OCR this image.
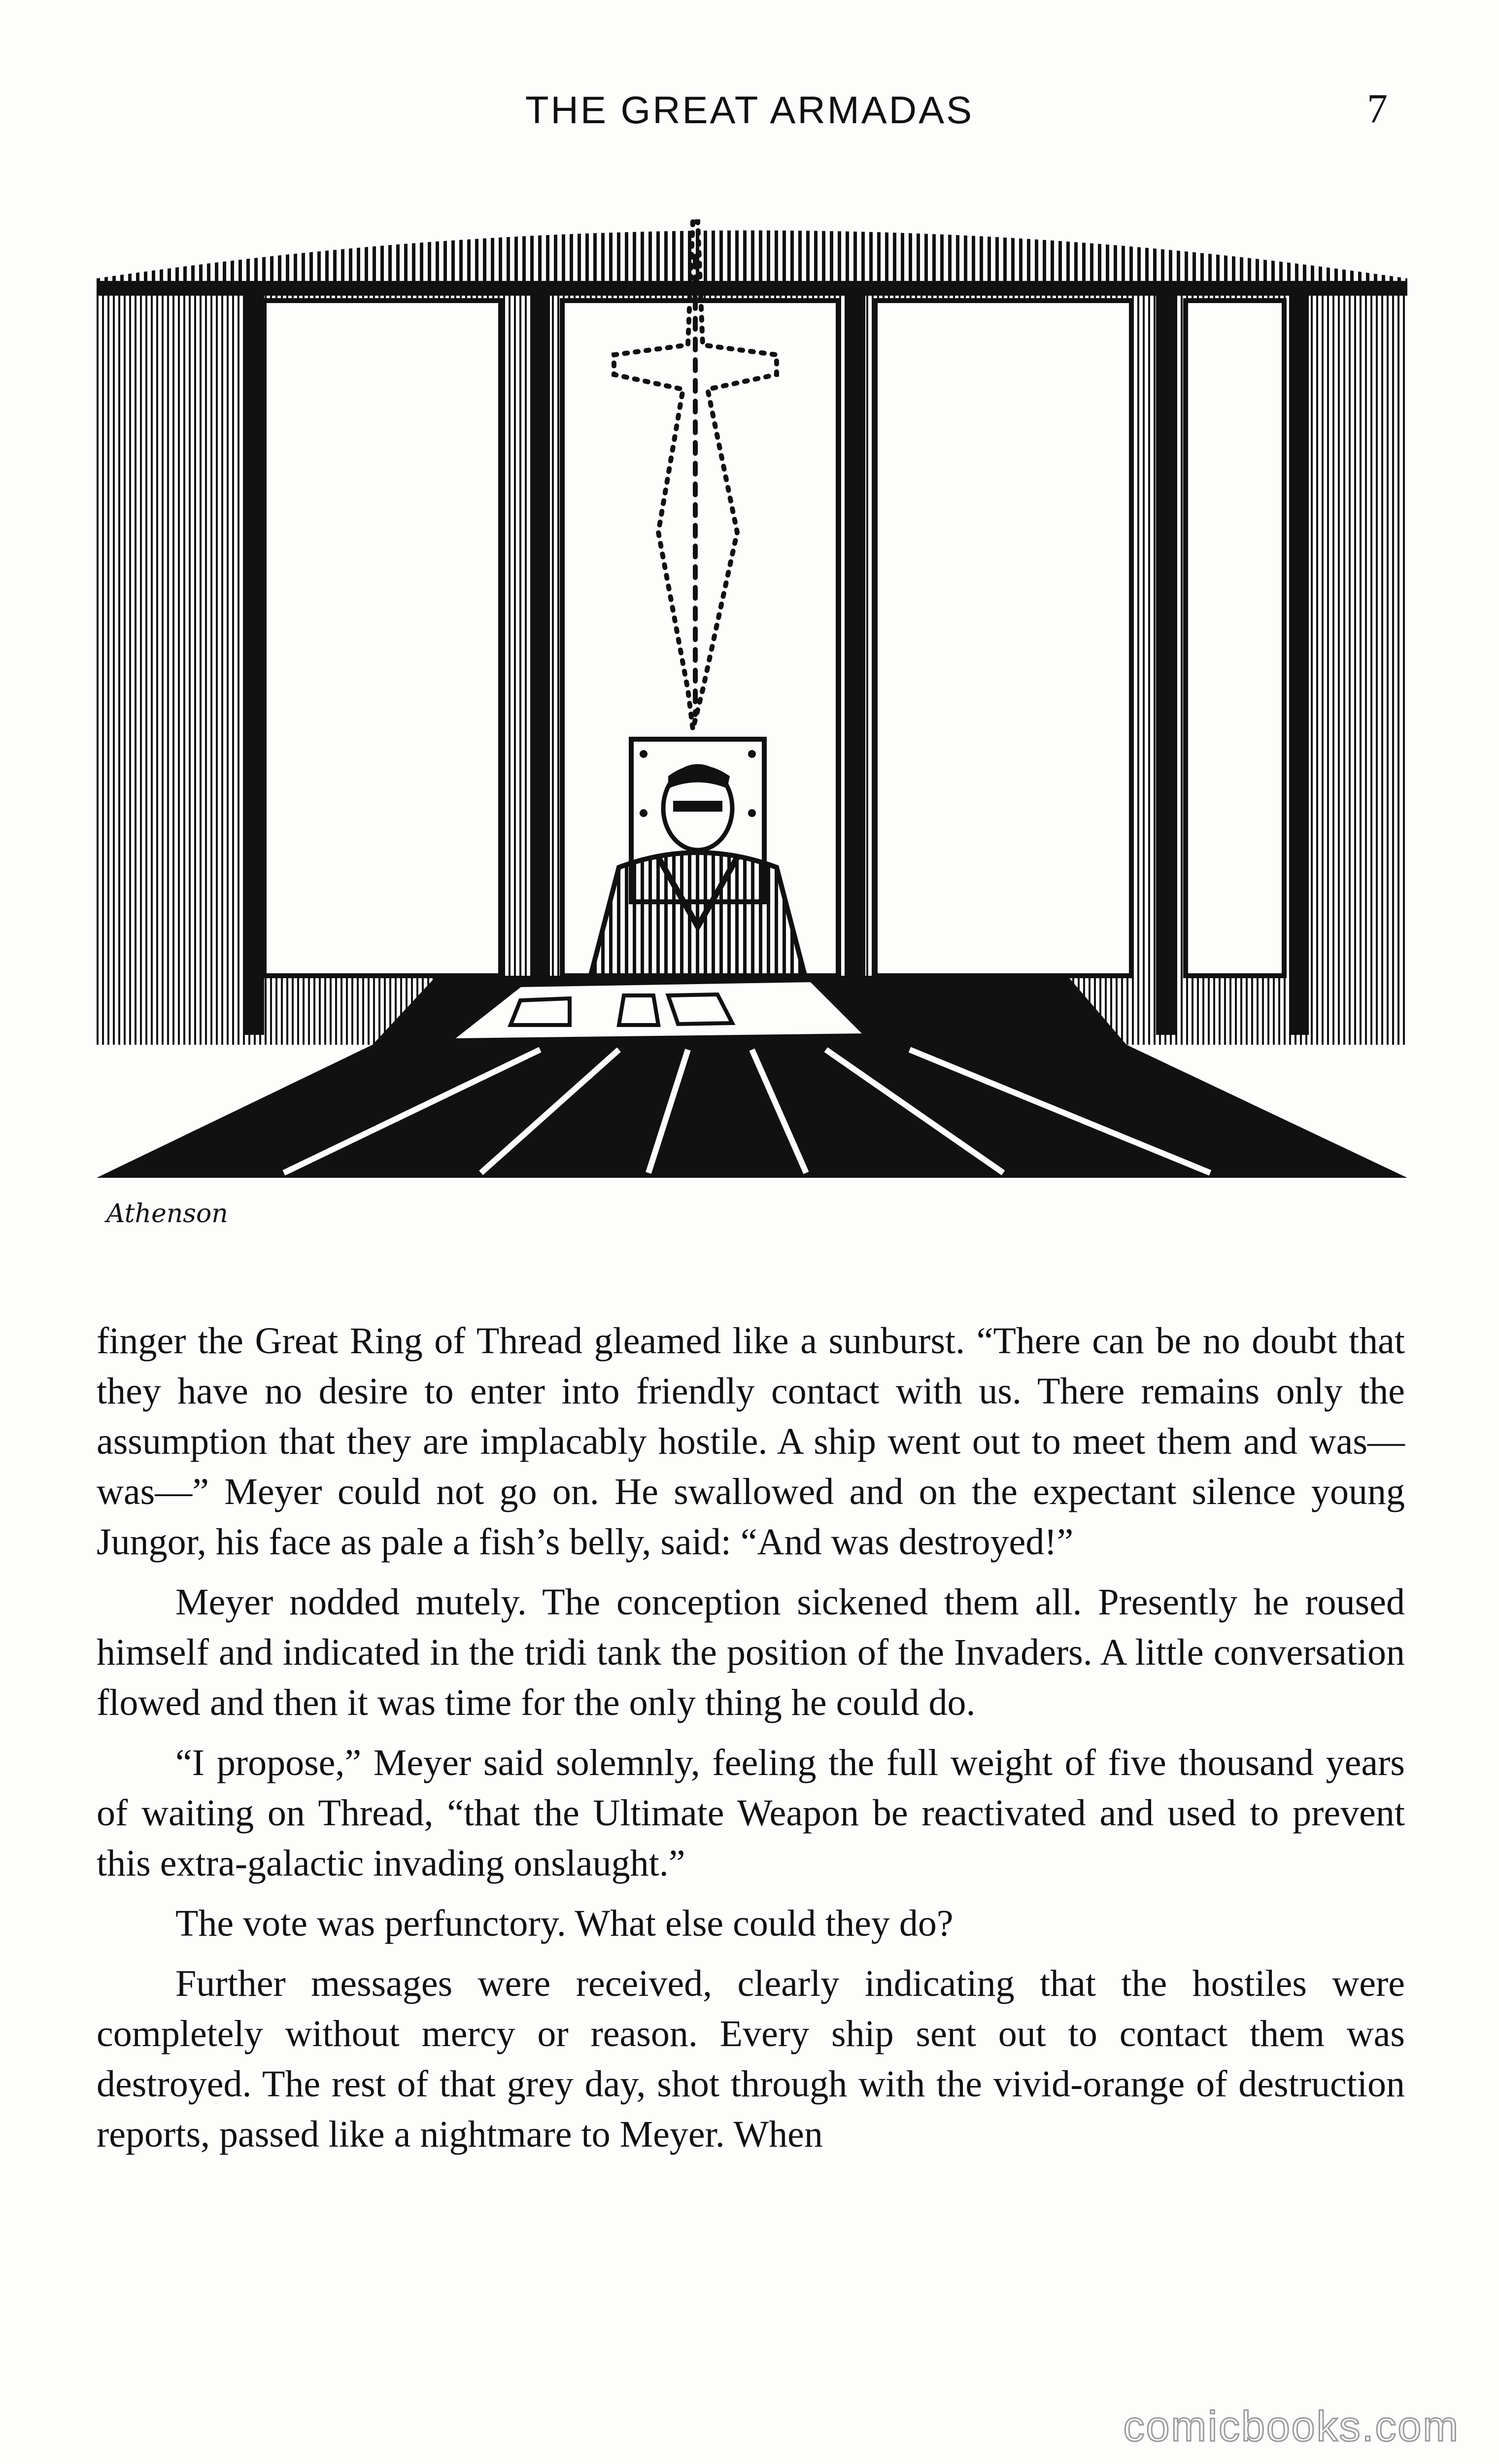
THE GREAT ARMADAS	7
Athenson

finger the Great Ring of Thread gleamed like a sunburst. “There can be no doubt that they have no desire to enter into friendly contact with us. There remains only the assumption that they are implacably hostile. A ship went out to meet them and was—was—” Meyer could not go on. He swallowed and on the expectant silence young Jungor, his face as pale a fish’s belly, said: “And was destroyed!”

Meyer nodded mutely. The conception sickened them all. Presently he roused himself and indicated in the tridi tank the position of the Invaders. A little conversation flowed and then it was time for the only thing he could do.

“I propose,” Meyer said solemnly, feeling the full weight of five thousand years of waiting on Thread, “that the Ultimate Weapon be reactivated and used to prevent this extra-galactic invading onslaught.”

The vote was perfunctory. What else could they do?

Further messages were received, clearly indicating that the hostiles were completely without mercy or reason. Every ship sent out to contact them was destroyed. The rest of that grey day, shot through with the vivid-orange of destruction reports, passed like a nightmare to Meyer. When

comicbooks.com
